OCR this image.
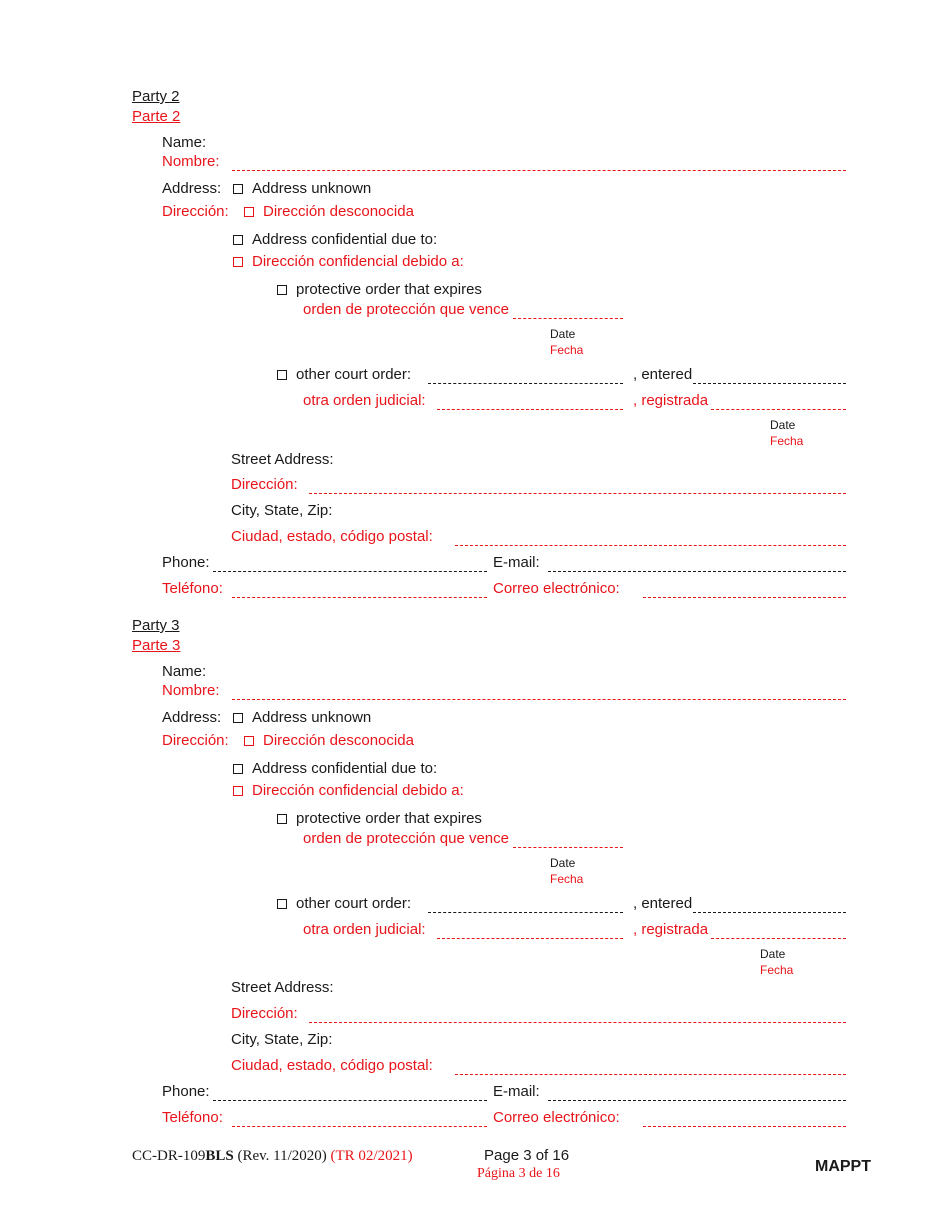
Party 2
Parte 2
Name:
Nombre:
Address:	Address unknown
Dirección:	Dirección desconocida
Address confidential due to:
Dirección confidencial debido a:
protective order that expires
orden de protección que vence
Date
Fecha
other court order:	, entered
otra orden judicial:	, registrada
Date
Fecha
Street Address:
Dirección:
City, State, Zip:
Ciudad, estado, código postal:
Phone:	E-mail:
Teléfono:	Correo electrónico:
Party 3
Parte 3
Name:
Nombre:
Address:	Address unknown
Dirección:	Dirección desconocida
Address confidential due to:
Dirección confidencial debido a:
protective order that expires
orden de protección que vence
Date
Fecha
other court order:	, entered
otra orden judicial:	, registrada
Date
Fecha
Street Address:
Dirección:
City, State, Zip:
Ciudad, estado, código postal:
Phone:	E-mail:
Teléfono:	Correo electrónico:
CC-DR-109BLS (Rev. 11/2020) (TR 02/2021)	Page 3 of 16
Página 3 de 16	MAPPT
